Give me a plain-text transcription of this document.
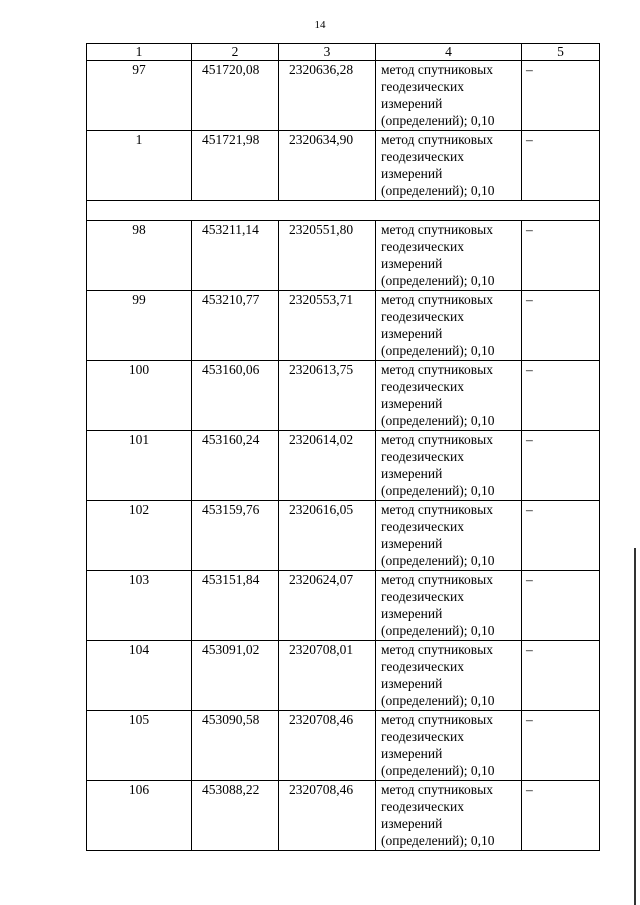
14
1	2	3	4	5
97	451720,08	2320636,28	метод спутниковых геодезических измерений (определений); 0,10	–
1	451721,98	2320634,90	метод спутниковых геодезических измерений (определений); 0,10	–

98	453211,14	2320551,80	метод спутниковых геодезических измерений (определений); 0,10	–
99	453210,77	2320553,71	метод спутниковых геодезических измерений (определений); 0,10	–
100	453160,06	2320613,75	метод спутниковых геодезических измерений (определений); 0,10	–
101	453160,24	2320614,02	метод спутниковых геодезических измерений (определений); 0,10	–
102	453159,76	2320616,05	метод спутниковых геодезических измерений (определений); 0,10	–
103	453151,84	2320624,07	метод спутниковых геодезических измерений (определений); 0,10	–
104	453091,02	2320708,01	метод спутниковых геодезических измерений (определений); 0,10	–
105	453090,58	2320708,46	метод спутниковых геодезических измерений (определений); 0,10	–
106	453088,22	2320708,46	метод спутниковых геодезических измерений (определений); 0,10	–
